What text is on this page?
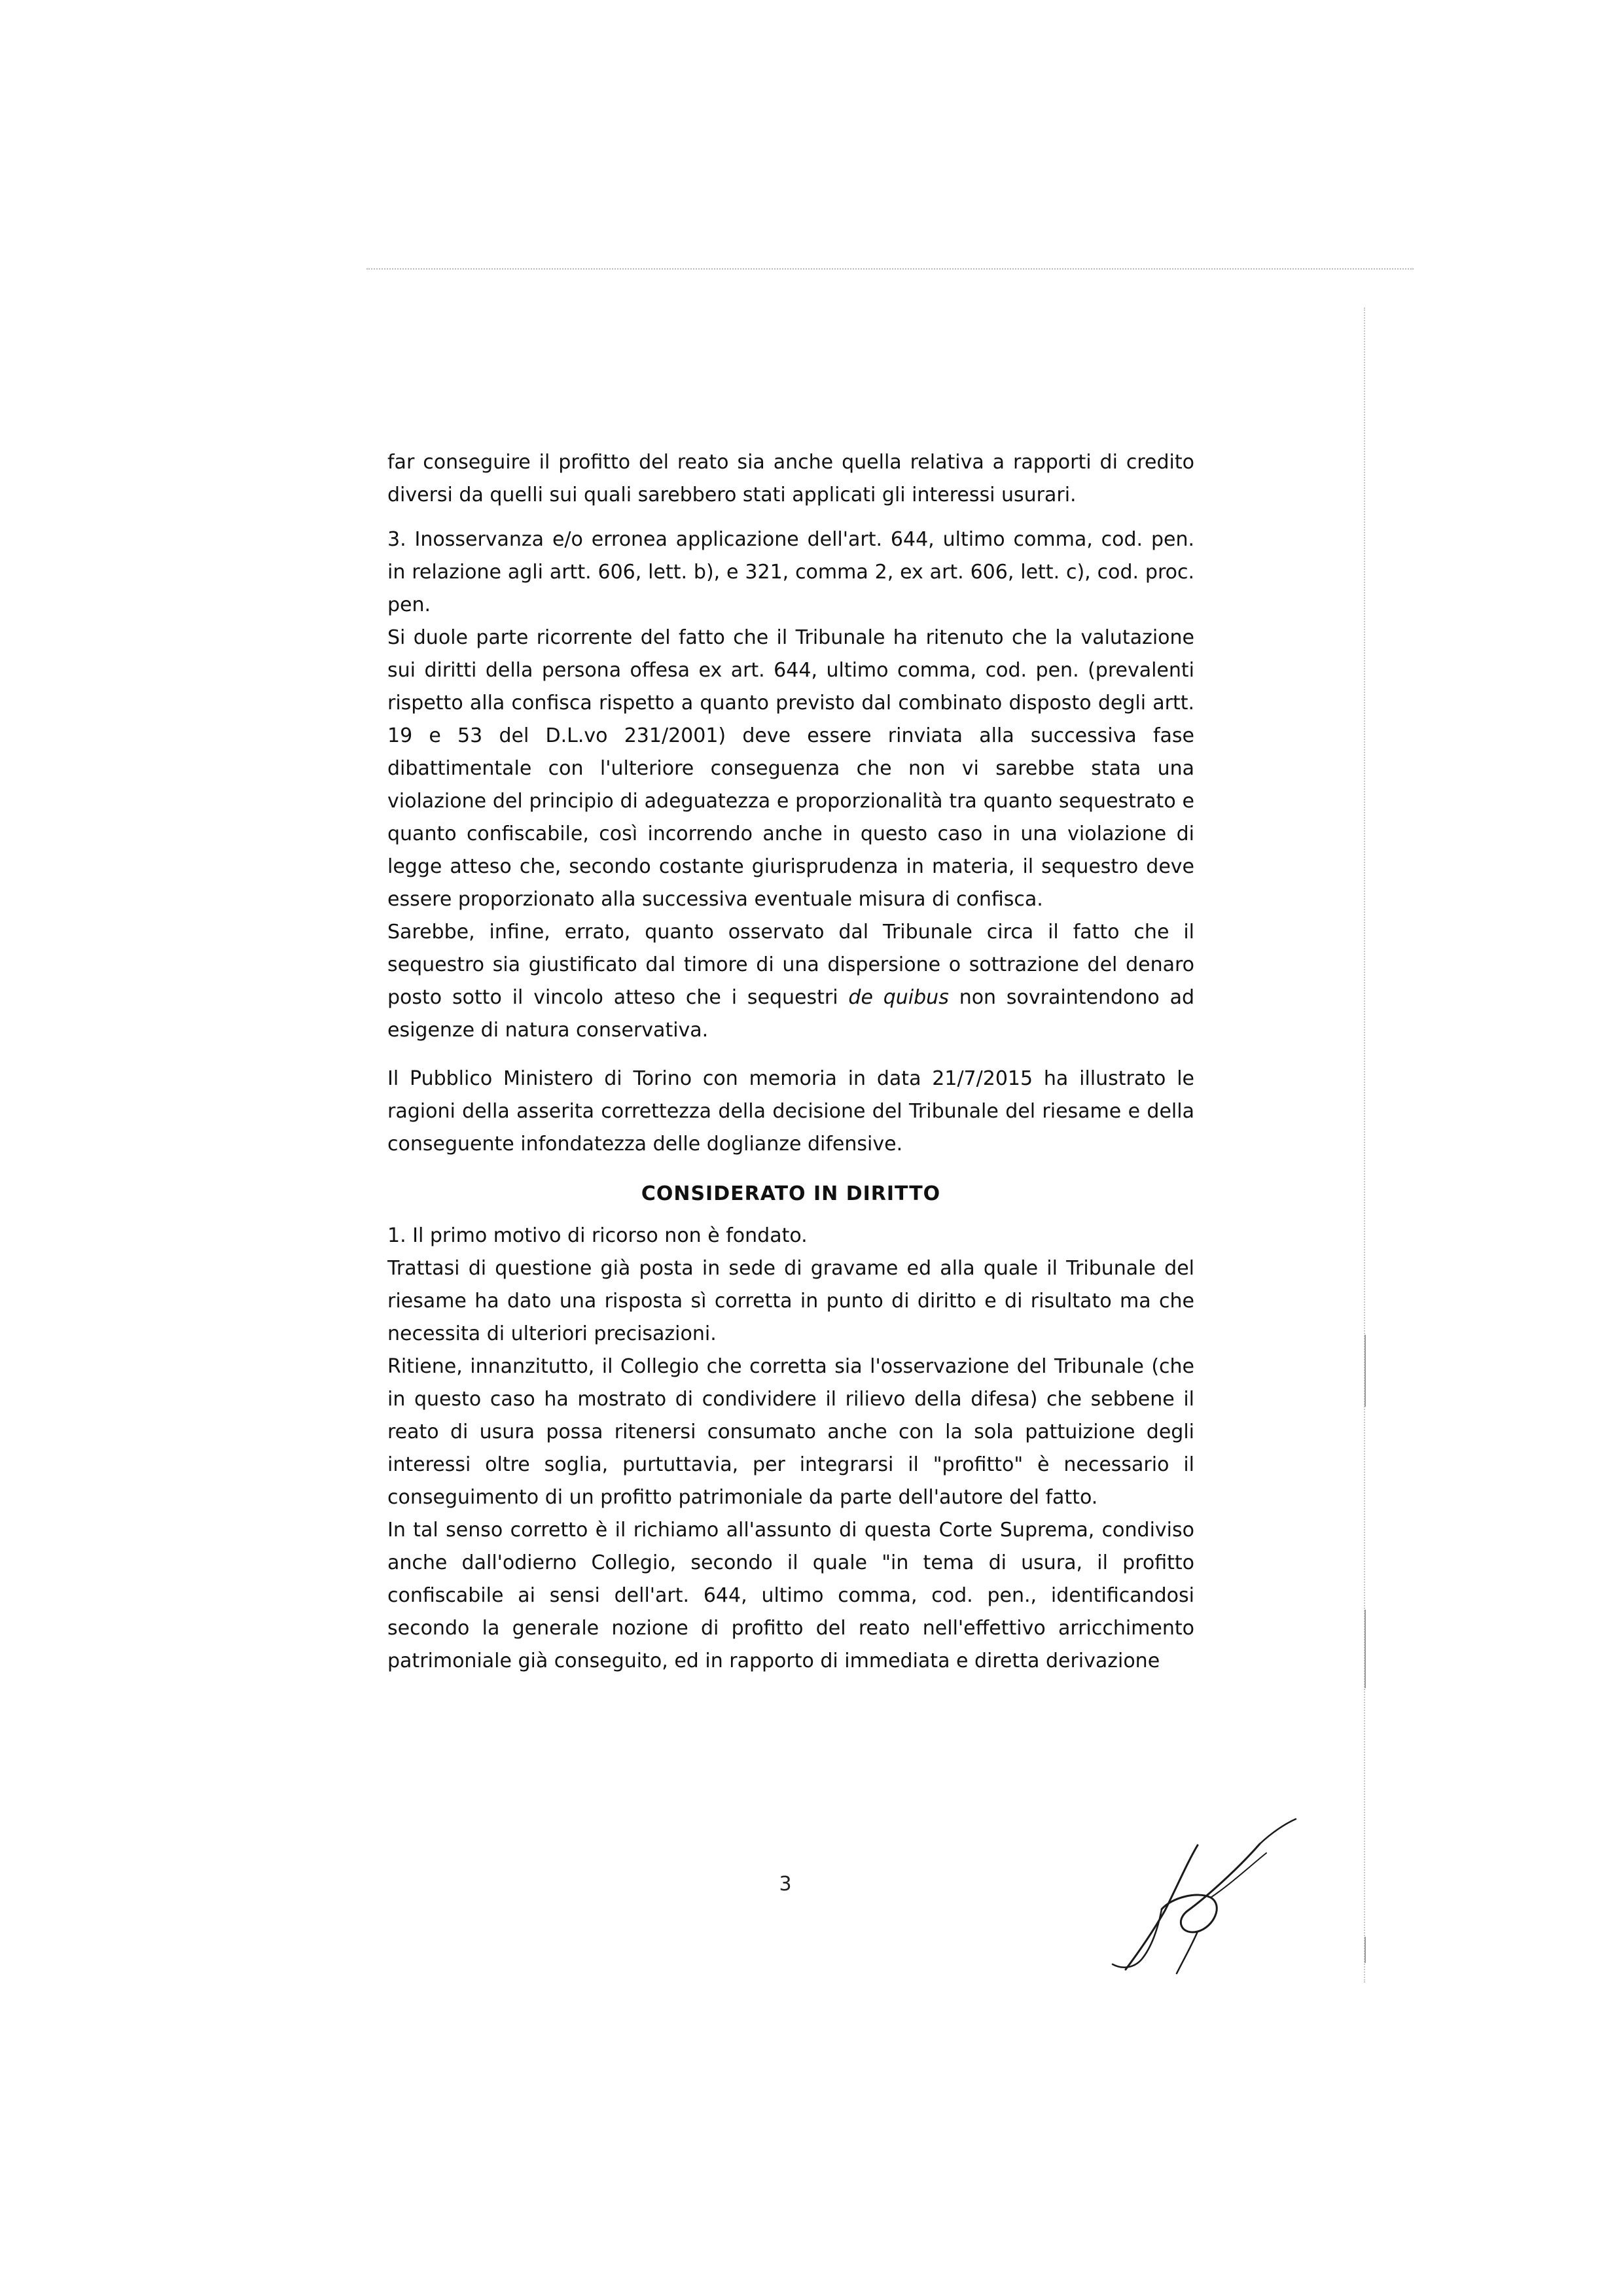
far conseguire il profitto del reato sia anche quella relativa a rapporti di credito diversi da quelli sui quali sarebbero stati applicati gli interessi usurari.

3. Inosservanza e/o erronea applicazione dell'art. 644, ultimo comma, cod. pen. in relazione agli artt. 606, lett. b), e 321, comma 2, ex art. 606, lett. c), cod. proc. pen.

Si duole parte ricorrente del fatto che il Tribunale ha ritenuto che la valutazione sui diritti della persona offesa ex art. 644, ultimo comma, cod. pen. (prevalenti rispetto alla confisca rispetto a quanto previsto dal combinato disposto degli artt. 19 e 53 del D.L.vo 231/2001) deve essere rinviata alla successiva fase dibattimentale con l'ulteriore conseguenza che non vi sarebbe stata una violazione del principio di adeguatezza e proporzionalità tra quanto sequestrato e quanto confiscabile, così incorrendo anche in questo caso in una violazione di legge atteso che, secondo costante giurisprudenza in materia, il sequestro deve essere proporzionato alla successiva eventuale misura di confisca.

Sarebbe, infine, errato, quanto osservato dal Tribunale circa il fatto che il sequestro sia giustificato dal timore di una dispersione o sottrazione del denaro posto sotto il vincolo atteso che i sequestri de quibus non sovraintendono ad esigenze di natura conservativa.

Il Pubblico Ministero di Torino con memoria in data 21/7/2015 ha illustrato le ragioni della asserita correttezza della decisione del Tribunale del riesame e della conseguente infondatezza delle doglianze difensive.

CONSIDERATO IN DIRITTO

1. Il primo motivo di ricorso non è fondato.

Trattasi di questione già posta in sede di gravame ed alla quale il Tribunale del riesame ha dato una risposta sì corretta in punto di diritto e di risultato ma che necessita di ulteriori precisazioni.

Ritiene, innanzitutto, il Collegio che corretta sia l'osservazione del Tribunale (che in questo caso ha mostrato di condividere il rilievo della difesa) che sebbene il reato di usura possa ritenersi consumato anche con la sola pattuizione degli interessi oltre soglia, purtuttavia, per integrarsi il "profitto" è necessario il conseguimento di un profitto patrimoniale da parte dell'autore del fatto.

In tal senso corretto è il richiamo all'assunto di questa Corte Suprema, condiviso anche dall'odierno Collegio, secondo il quale "in tema di usura, il profitto confiscabile ai sensi dell'art. 644, ultimo comma, cod. pen., identificandosi secondo la generale nozione di profitto del reato nell'effettivo arricchimento patrimoniale già conseguito, ed in rapporto di immediata e diretta derivazione

3
